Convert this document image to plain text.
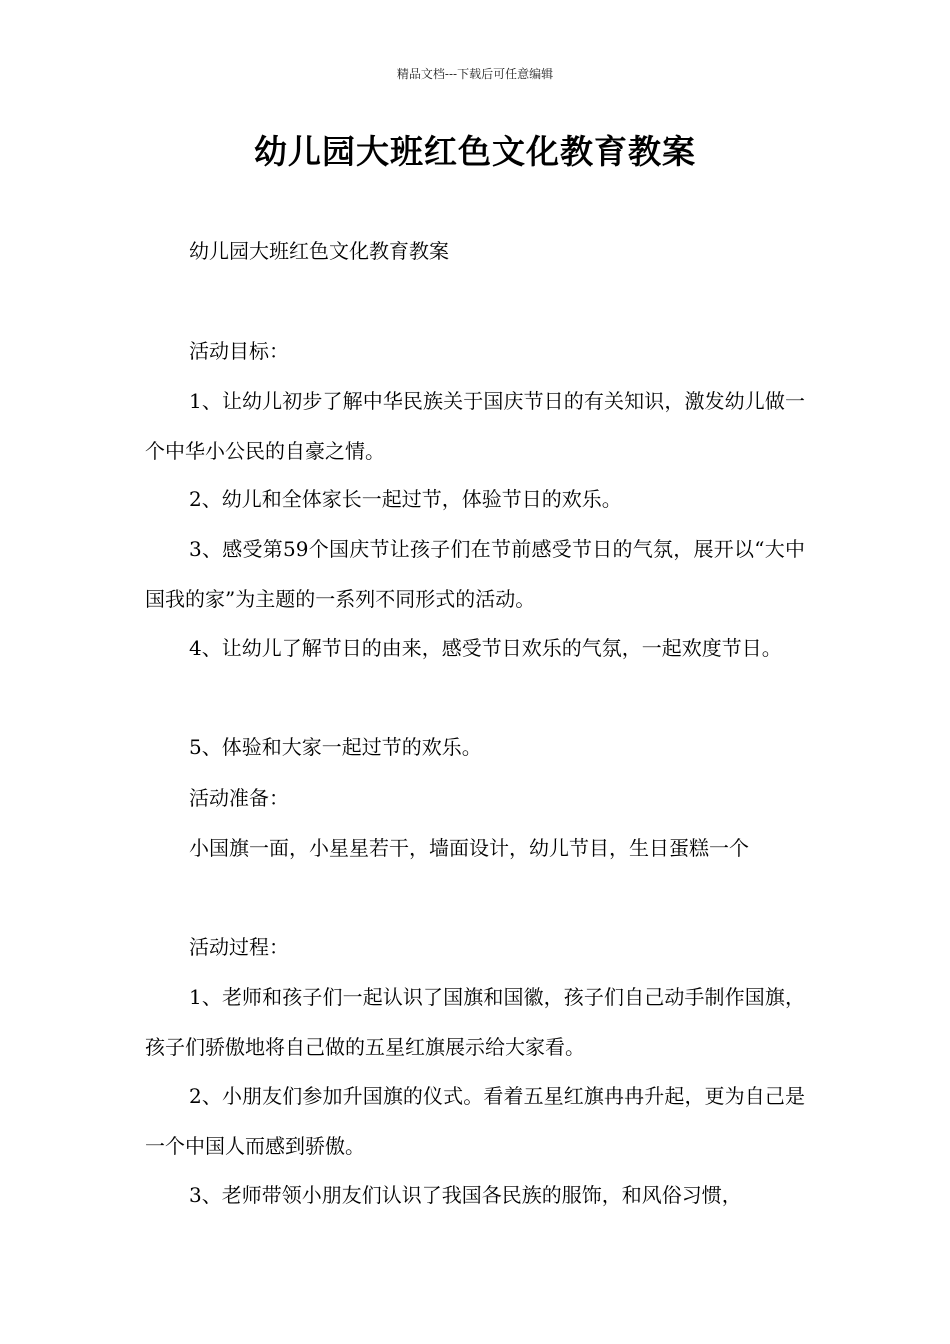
精品文档---下载后可任意编辑
幼儿园大班红色文化教育教案

幼儿园大班红色文化教育教案

活动目标：

1、让幼儿初步了解中华民族关于国庆节日的有关知识，激发幼儿做一个中华小公民的自豪之情。

2、幼儿和全体家长一起过节，体验节日的欢乐。

3、感受第59个国庆节让孩子们在节前感受节日的气氛，展开以“大中国我的家”为主题的一系列不同形式的活动。

4、让幼儿了解节日的由来，感受节日欢乐的气氛，一起欢度节日。

5、体验和大家一起过节的欢乐。

活动准备：

小国旗一面，小星星若干，墙面设计，幼儿节目，生日蛋糕一个

活动过程：

1、老师和孩子们一起认识了国旗和国徽，孩子们自己动手制作国旗，孩子们骄傲地将自己做的五星红旗展示给大家看。

2、小朋友们参加升国旗的仪式。看着五星红旗冉冉升起，更为自己是一个中国人而感到骄傲。

3、老师带领小朋友们认识了我国各民族的服饰，和风俗习惯，
